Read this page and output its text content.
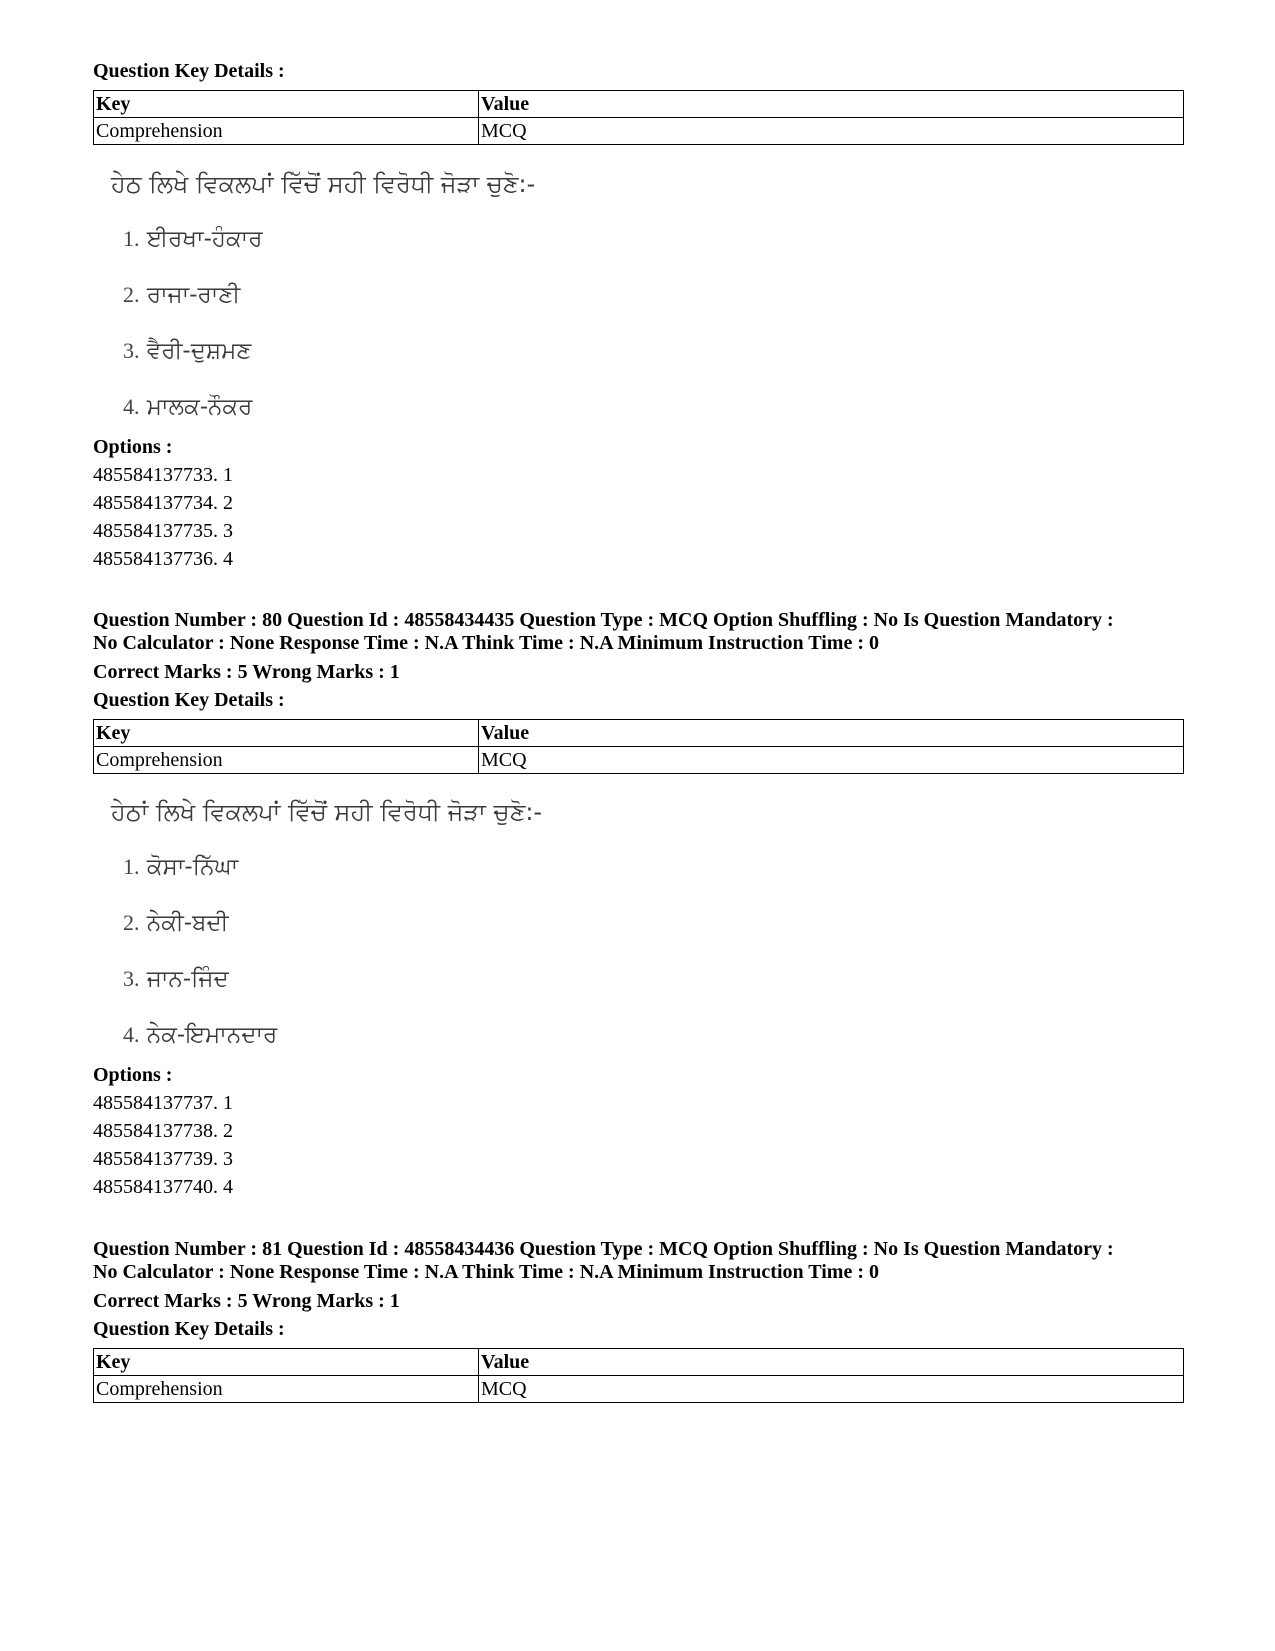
Question Key Details :
Key	Value
Comprehension	MCQ
ਹੇਠ ਲਿਖੇ ਵਿਕਲਪਾਂ ਵਿੱਚੋਂ ਸਹੀ ਵਿਰੋਧੀ ਜੋੜਾ ਚੁਣੋ:-
1. ਈਰਖਾ-ਹੰਕਾਰ
2. ਰਾਜਾ-ਰਾਣੀ
3. ਵੈਰੀ-ਦੁਸ਼ਮਣ
4. ਮਾਲਕ-ਨੌਕਰ
Options :
485584137733. 1
485584137734. 2
485584137735. 3
485584137736. 4
Question Number : 80 Question Id : 48558434435 Question Type : MCQ Option Shuffling : No Is Question Mandatory :
No Calculator : None Response Time : N.A Think Time : N.A Minimum Instruction Time : 0
Correct Marks : 5 Wrong Marks : 1
Question Key Details :
Key	Value
Comprehension	MCQ
ਹੇਠਾਂ ਲਿਖੇ ਵਿਕਲਪਾਂ ਵਿੱਚੋਂ ਸਹੀ ਵਿਰੋਧੀ ਜੋੜਾ ਚੁਣੋ:-
1. ਕੋਸਾ-ਨਿੱਘਾ
2. ਨੇਕੀ-ਬਦੀ
3. ਜਾਨ-ਜਿੰਦ
4. ਨੇਕ-ਇਮਾਨਦਾਰ
Options :
485584137737. 1
485584137738. 2
485584137739. 3
485584137740. 4
Question Number : 81 Question Id : 48558434436 Question Type : MCQ Option Shuffling : No Is Question Mandatory :
No Calculator : None Response Time : N.A Think Time : N.A Minimum Instruction Time : 0
Correct Marks : 5 Wrong Marks : 1
Question Key Details :
Key	Value
Comprehension	MCQ
